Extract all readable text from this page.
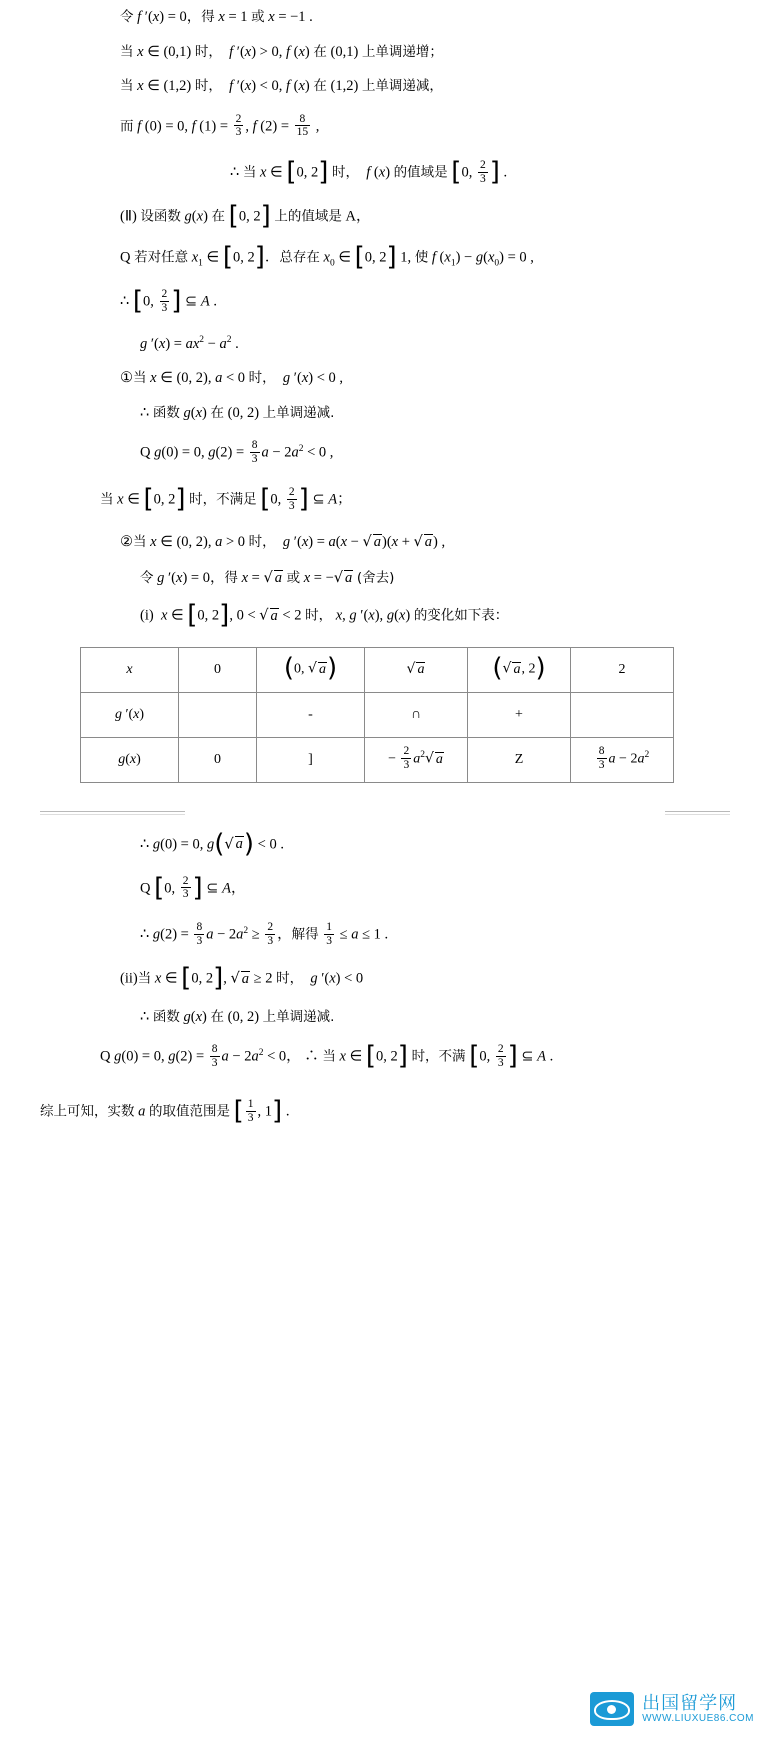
令 f ′(x) = 0，得 x = 1 或 x = −1 .
当 x ∈ (0,1) 时， f ′(x) > 0, f (x) 在 (0,1) 上单调递增；
当 x ∈ (1,2) 时， f ′(x) < 0, f (x) 在 (1,2) 上单调递减，
而 f (0) = 0, f $(1) = \frac{2}{3}$ , f $(2) = \frac{8}{15}$ ,
∴ 当 x ∈ [0, 2] 时， f (x) 的值域是 [0, $\frac{2}{3}$ ] .
(Ⅱ) 设函数 g(x) 在 [0, 2] 上的值域是 A，
Q 若对任意 $x_1$ ∈ [0, 2]．总存在 $x_0$ ∈ [0, 2] 1, 使 f $(x_1) - g(x_0) = 0$ ,
∴ [0, $\frac{2}{3}$ ] ⊆ A .
g $'(x) = ax^2 - a^2$ .
①当 x ∈ (0, 2), a < 0 时， g ′(x) < 0 ,
∴ 函数 g(x) 在 (0, 2) 上单调递减.
Q g(0) = 0, $g(2) = \frac{8}{3}$ $a - 2a^2 < 0$ ,
当 x ∈ [0, 2] 时，不满足 [0, $\frac{2}{3}$ ] ⊆ A；
②当 x ∈ (0, 2), a > 0 时， g ′(x) = a(x − √ a)(x + √ a) ,
令 g ′(x) = 0，得 x = √ a 或 x = −√ a (舍去)
(i)  x ∈ [0, 2], 0 < √ a < 2 时， x, g ′(x), g(x) 的变化如下表：
x	0	(0, √ a)	√ a	(√ a, 2)	2
g ′(x)		-	∩	+	
g(x)	0	]	− $\frac{2}{3} a^2√$ a	Z	$\frac{8}{3}$ $a - 2a^2$
∴ g(0) = 0, g(√ a) < 0 .
Q [0, $\frac{2}{3}$ ] ⊆ A，
∴ $g(2) = \frac{8}{3}$ $a - 2a^2 \ge \frac{2}{3}$ ，解得 $\frac{1}{3} \le a \le 1$ .
(ii)当 x ∈ [0, 2], √ a ≥ 2 时， g ′(x) < 0
∴ 函数 g(x) 在 (0, 2) 上单调递减.
Q g(0) = 0, $g(2) = \frac{8}{3}$ $a - 2a^2 < 0$， ∴ 当 x ∈ [0, 2] 时，不满 [0, $\frac{2}{3}$ ] ⊆ A .
综上可知，实数 a 的取值范围是 [ $\frac{1}{3}$ , 1] .
出国留学网
WWW.LIUXUE86.COM
